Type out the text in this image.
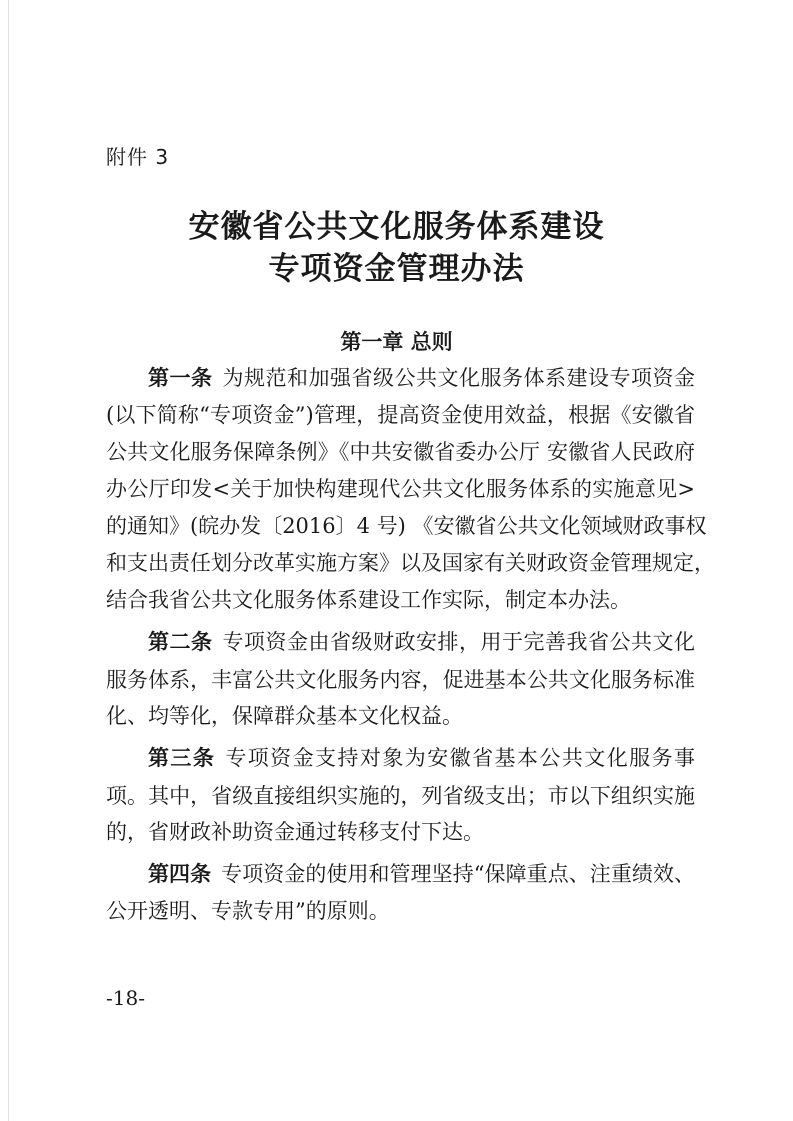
附件 3
安徽省公共文化服务体系建设
专项资金管理办法
第一章 总则
第一条 为规范和加强省级公共文化服务体系建设专项资金
(以下简称“专项资金”)管理，提高资金使用效益，根据《安徽省
公共文化服务保障条例》《中共安徽省委办公厅 安徽省人民政府
办公厅印发<关于加快构建现代公共文化服务体系的实施意见>
的通知》(皖办发〔2016〕4 号) 《安徽省公共文化领域财政事权
和支出责任划分改革实施方案》以及国家有关财政资金管理规定，
结合我省公共文化服务体系建设工作实际，制定本办法。
第二条 专项资金由省级财政安排，用于完善我省公共文化
服务体系，丰富公共文化服务内容，促进基本公共文化服务标准
化、均等化，保障群众基本文化权益。
第三条 专项资金支持对象为安徽省基本公共文化服务事
项。其中，省级直接组织实施的，列省级支出；市以下组织实施
的，省财政补助资金通过转移支付下达。
第四条 专项资金的使用和管理坚持“保障重点、注重绩效、
公开透明、专款专用”的原则。
-18-
